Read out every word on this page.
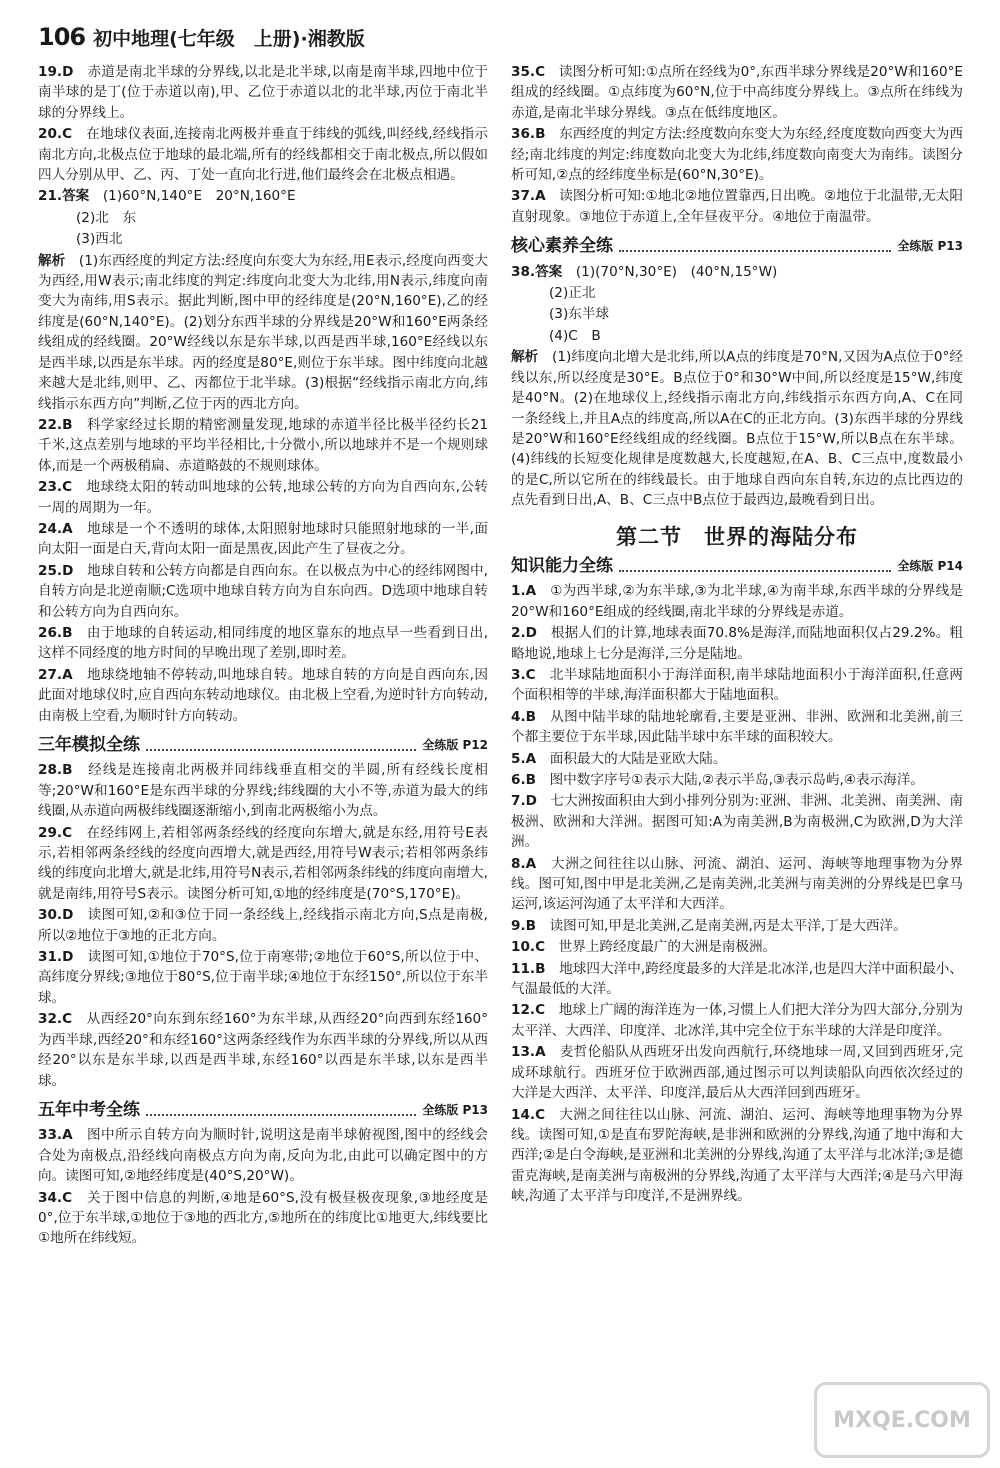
106 初中地理(七年级　上册)·湘教版
19.D　 赤道是南北半球的分界线,以北是北半球,以南是南半球,四地中位于南半球的是丁(位于赤道以南),甲、乙位于赤道以北的北半球,丙位于南北半球的分界线上。
20.C　 在地球仪表面,连接南北两极并垂直于纬线的弧线,叫经线,经线指示南北方向,北极点位于地球的最北端,所有的经线都相交于南北极点,所以假如四人分别从甲、乙、丙、丁处一直向北行进,他们最终会在北极点相遇。
21.答案　 (1)60°N,140°E　20°N,160°E
(2)北　东
(3)西北
解析　 (1)东西经度的判定方法:经度向东变大为东经,用E表示,经度向西变大为西经,用W表示;南北纬度的判定:纬度向北变大为北纬,用N表示,纬度向南变大为南纬,用S表示。据此判断,图中甲的经纬度是(20°N,160°E),乙的经纬度是(60°N,140°E)。(2)划分东西半球的分界线是20°W和160°E两条经线组成的经线圈。20°W经线以东是东半球,以西是西半球,160°E经线以东是西半球,以西是东半球。丙的经度是80°E,则位于东半球。图中纬度向北越来越大是北纬,则甲、乙、丙都位于北半球。(3)根据“经线指示南北方向,纬线指示东西方向”判断,乙位于丙的西北方向。
22.B　 科学家经过长期的精密测量发现,地球的赤道半径比极半径约长21千米,这点差别与地球的平均半径相比,十分微小,所以地球并不是一个规则球体,而是一个两极稍扁、赤道略鼓的不规则球体。
23.C　 地球绕太阳的转动叫地球的公转,地球公转的方向为自西向东,公转一周的周期为一年。
24.A　 地球是一个不透明的球体,太阳照射地球时只能照射地球的一半,面向太阳一面是白天,背向太阳一面是黑夜,因此产生了昼夜之分。
25.D　 地球自转和公转方向都是自西向东。在以极点为中心的经纬网图中,自转方向是北逆南顺;C选项中地球自转方向为自东向西。D选项中地球自转和公转方向为自西向东。
26.B　 由于地球的自转运动,相同纬度的地区靠东的地点早一些看到日出,这样不同经度的地方时间的早晚出现了差别,即时差。
27.A　 地球绕地轴不停转动,叫地球自转。地球自转的方向是自西向东,因此面对地球仪时,应自西向东转动地球仪。由北极上空看,为逆时针方向转动,由南极上空看,为顺时针方向转动。
三年模拟全练	全练版 P12
28.B　 经线是连接南北两极并同纬线垂直相交的半圆,所有经线长度相等;20°W和160°E是东西半球的分界线;纬线圈的大小不等,赤道为最大的纬线圈,从赤道向两极纬线圈逐渐缩小,到南北两极缩小为点。
29.C　 在经纬网上,若相邻两条经线的经度向东增大,就是东经,用符号E表示,若相邻两条经线的经度向西增大,就是西经,用符号W表示;若相邻两条纬线的纬度向北增大,就是北纬,用符号N表示,若相邻两条纬线的纬度向南增大,就是南纬,用符号S表示。读图分析可知,①地的经纬度是(70°S,170°E)。
30.D　 读图可知,②和③位于同一条经线上,经线指示南北方向,S点是南极,所以②地位于③地的正北方向。
31.D　 读图可知,①地位于70°S,位于南寒带;②地位于60°S,所以位于中、高纬度分界线;③地位于80°S,位于南半球;④地位于东经150°,所以位于东半球。
32.C　 从西经20°向东到东经160°为东半球,从西经20°向西到东经160°为西半球,西经20°和东经160°这两条经线作为东西半球的分界线,所以从西经20°以东是东半球,以西是西半球,东经160°以西是东半球,以东是西半球。
五年中考全练	全练版 P13
33.A　 图中所示自转方向为顺时针,说明这是南半球俯视图,图中的经线会合处为南极点,沿经线向南极点方向为南,反向为北,由此可以确定图中的方向。读图可知,②地经纬度是(40°S,20°W)。
34.C　 关于图中信息的判断,④地是60°S,没有极昼极夜现象,③地经度是0°,位于东半球,①地位于③地的西北方,⑤地所在的纬度比①地更大,纬线要比①地所在纬线短。
35.C　 读图分析可知:①点所在经线为0°,东西半球分界线是20°W和160°E组成的经线圈。①点纬度为60°N,位于中高纬度分界线上。③点所在纬线为赤道,是南北半球分界线。③点在低纬度地区。
36.B　 东西经度的判定方法:经度数向东变大为东经,经度度数向西变大为西经;南北纬度的判定:纬度数向北变大为北纬,纬度数向南变大为南纬。读图分析可知,②点的经纬度坐标是(60°N,30°E)。
37.A　 读图分析可知:①地北②地位置靠西,日出晚。②地位于北温带,无太阳直射现象。③地位于赤道上,全年昼夜平分。④地位于南温带。
核心素养全练	全练版 P13
38.答案　 (1)(70°N,30°E)　(40°N,15°W)
(2)正北
(3)东半球
(4)C　B
解析　 (1)纬度向北增大是北纬,所以A点的纬度是70°N,又因为A点位于0°经线以东,所以经度是30°E。B点位于0°和30°W中间,所以经度是15°W,纬度是40°N。(2)在地球仪上,经线指示南北方向,纬线指示东西方向,A、C在同一条经线上,并且A点的纬度高,所以A在C的正北方向。(3)东西半球的分界线是20°W和160°E经线组成的经线圈。B点位于15°W,所以B点在东半球。(4)纬线的长短变化规律是度数越大,长度越短,在A、B、C三点中,度数最小的是C,所以它所在的纬线最长。由于地球自西向东自转,东边的点比西边的点先看到日出,A、B、C三点中B点位于最西边,最晚看到日出。
第二节　世界的海陆分布
知识能力全练	全练版 P14
1.A　 ①为西半球,②为东半球,③为北半球,④为南半球,东西半球的分界线是20°W和160°E组成的经线圈,南北半球的分界线是赤道。
2.D　 根据人们的计算,地球表面70.8%是海洋,而陆地面积仅占29.2%。粗略地说,地球上七分是海洋,三分是陆地。
3.C　 北半球陆地面积小于海洋面积,南半球陆地面积小于海洋面积,任意两个面积相等的半球,海洋面积都大于陆地面积。
4.B　 从图中陆半球的陆地轮廓看,主要是亚洲、非洲、欧洲和北美洲,前三个都主要位于东半球,因此陆半球中东半球的面积较大。
5.A　 面积最大的大陆是亚欧大陆。
6.B　 图中数字序号①表示大陆,②表示半岛,③表示岛屿,④表示海洋。
7.D　 七大洲按面积由大到小排列分别为:亚洲、非洲、北美洲、南美洲、南极洲、欧洲和大洋洲。据图可知:A为南美洲,B为南极洲,C为欧洲,D为大洋洲。
8.A　 大洲之间往往以山脉、河流、湖泊、运河、海峡等地理事物为分界线。图可知,图中甲是北美洲,乙是南美洲,北美洲与南美洲的分界线是巴拿马运河,该运河沟通了太平洋和大西洋。
9.B　 读图可知,甲是北美洲,乙是南美洲,丙是太平洋,丁是大西洋。
10.C　 世界上跨经度最广的大洲是南极洲。
11.B　 地球四大洋中,跨经度最多的大洋是北冰洋,也是四大洋中面积最小、气温最低的大洋。
12.C　 地球上广阔的海洋连为一体,习惯上人们把大洋分为四大部分,分别为太平洋、大西洋、印度洋、北冰洋,其中完全位于东半球的大洋是印度洋。
13.A　 麦哲伦船队从西班牙出发向西航行,环绕地球一周,又回到西班牙,完成环球航行。西班牙位于欧洲西部,通过图示可以判读船队向西依次经过的大洋是大西洋、太平洋、印度洋,最后从大西洋回到西班牙。
14.C　 大洲之间往往以山脉、河流、湖泊、运河、海峡等地理事物为分界线。读图可知,①是直布罗陀海峡,是非洲和欧洲的分界线,沟通了地中海和大西洋;②是白令海峡,是亚洲和北美洲的分界线,沟通了太平洋与北冰洋;③是德雷克海峡,是南美洲与南极洲的分界线,沟通了太平洋与大西洋;④是马六甲海峡,沟通了太平洋与印度洋,不是洲界线。
MXQE.COM
